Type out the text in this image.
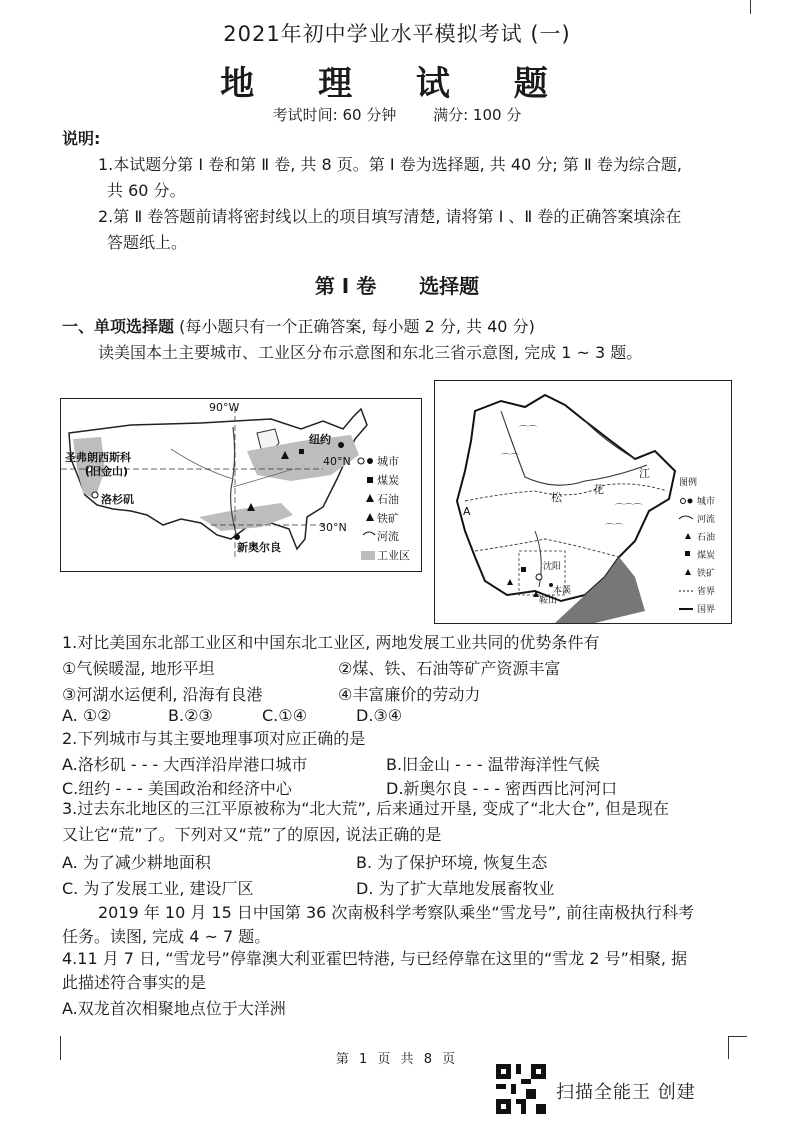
2021年初中学业水平模拟考试 (一)
地 理 试 题
考试时间: 60 分钟 满分: 100 分
说明:
1.本试题分第 Ⅰ 卷和第 Ⅱ 卷, 共 8 页。第 Ⅰ 卷为选择题, 共 40 分; 第 Ⅱ 卷为综合题,
共 60 分。
2.第 Ⅱ 卷答题前请将密封线以上的项目填写清楚, 请将第 Ⅰ 、Ⅱ 卷的正确答案填涂在
答题纸上。
第 Ⅰ 卷 选择题
一、单项选择题 (每小题只有一个正确答案, 每小题 2 分, 共 40 分)
读美国本土主要城市、工业区分布示意图和东北三省示意图, 完成 1 ~ 3 题。
90°W
40°N
30°N
圣弗朗西斯科
(旧金山)
洛杉矶
纽约
新奥尔良
城市
煤炭
石油
铁矿
河流
工业区
⌒⌒
⌒⌒
⌒⌒⌒
⌒⌒
江
松
花
A
沈阳
本溪
鞍山
图例
城市
河流
石油
煤炭
铁矿
省界
国界
1.对比美国东北部工业区和中国东北工业区, 两地发展工业共同的优势条件有
①气候暖湿, 地形平坦	②煤、铁、石油等矿产资源丰富
③河湖水运便利, 沿海有良港	④丰富廉价的劳动力
A. ①②	B.②③	C.①④	D.③④
2.下列城市与其主要地理事项对应正确的是
A.洛杉矶 - - - 大西洋沿岸港口城市	B.旧金山 - - - 温带海洋性气候
C.纽约 - - - 美国政治和经济中心	D.新奥尔良 - - - 密西西比河河口
3.过去东北地区的三江平原被称为“北大荒”, 后来通过开垦, 变成了“北大仓”, 但是现在
又让它“荒”了。下列对又“荒”了的原因, 说法正确的是
A. 为了减少耕地面积	B. 为了保护环境, 恢复生态
C. 为了发展工业, 建设厂区	D. 为了扩大草地发展畜牧业
2019 年 10 月 15 日中国第 36 次南极科学考察队乘坐“雪龙号”, 前往南极执行科考
任务。读图, 完成 4 ~ 7 题。
4.11 月 7 日, “雪龙号”停靠澳大利亚霍巴特港, 与已经停靠在这里的“雪龙 2 号”相聚, 据
此描述符合事实的是
A.双龙首次相聚地点位于大洋洲
第 1 页 共 8 页
扫描全能王 创建
